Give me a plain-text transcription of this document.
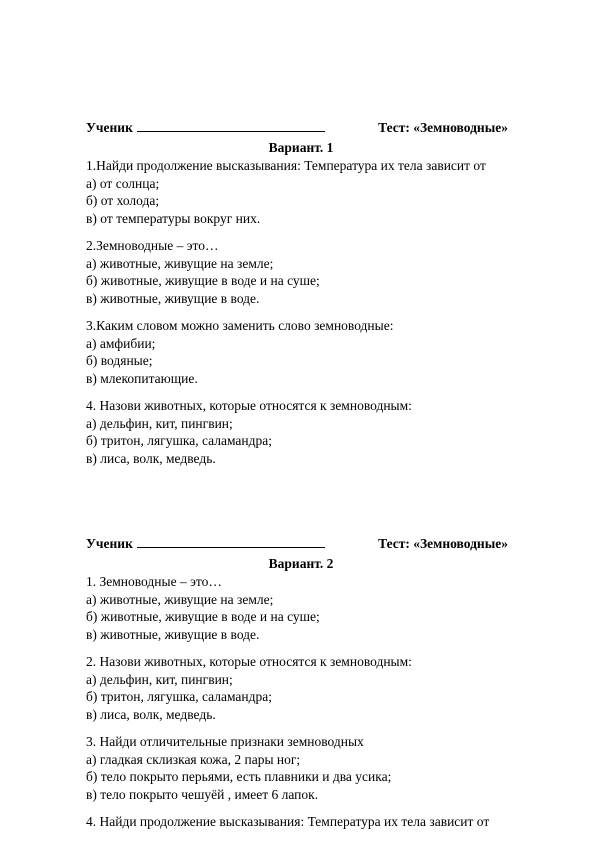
Ученик	Тест: «Земноводные»
Вариант. 1
1.Найди продолжение высказывания: Температура их тела зависит от
а) от солнца;
б) от холода;
в) от температуры вокруг них.
2.Земноводные – это…
а) животные, живущие на земле;
б) животные, живущие в воде и на суше;
в) животные, живущие в воде.
3.Каким словом можно заменить слово земноводные:
а) амфибии;
б) водяные;
в) млекопитающие.
4. Назови животных, которые относятся к земноводным:
а) дельфин, кит, пингвин;
б) тритон, лягушка, саламандра;
в) лиса, волк, медведь.
Ученик	Тест: «Земноводные»
Вариант. 2
1. Земноводные – это…
а) животные, живущие на земле;
б) животные, живущие в воде и на суше;
в) животные, живущие в воде.
2. Назови животных, которые относятся к земноводным:
а) дельфин, кит, пингвин;
б) тритон, лягушка, саламандра;
в) лиса, волк, медведь.
3. Найди отличительные признаки земноводных
а) гладкая склизкая кожа, 2 пары ног;
б) тело покрыто перьями, есть плавники и два усика;
в) тело покрыто чешуёй , имеет 6 лапок.
4. Найди продолжение высказывания: Температура их тела зависит от
